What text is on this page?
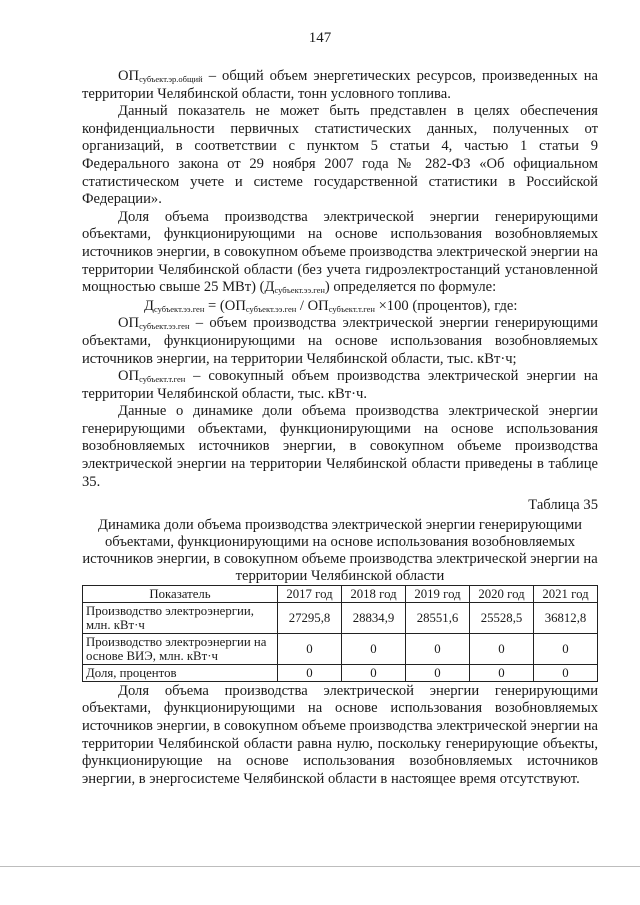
147

$ОП_{субъект.эр.общий}$ – общий объем энергетических ресурсов, произведенных на территории Челябинской области, тонн условного топлива.

Данный показатель не может быть представлен в целях обеспечения конфиденциальности первичных статистических данных, полученных от организаций, в соответствии с пунктом 5 статьи 4, частью 1 статьи 9 Федерального закона от 29 ноября 2007 года № 282-ФЗ «Об официальном статистическом учете и системе государственной статистики в Российской Федерации».

Доля объема производства электрической энергии генерирующими объектами, функционирующими на основе использования возобновляемых источников энергии, в совокупном объеме производства электрической энергии на территории Челябинской области (без учета гидроэлектростанций установленной мощностью свыше 25 МВт) $(Д_{субъект.ээ.ген})$ определяется по формуле:

$Д_{субъект.ээ.ген} = (ОП_{субъект.ээ.ген} / ОП_{субъект.т.ген} \times 100$ (процентов), где:

$ОП_{субъект.ээ.ген}$ – объем производства электрической энергии генерирующими объектами, функционирующими на основе использования возобновляемых источников энергии, на территории Челябинской области, тыс. кВт·ч;

$ОП_{субъект.т.ген}$ – совокупный объем производства электрической энергии на территории Челябинской области, тыс. кВт·ч.

Данные о динамике доли объема производства электрической энергии генерирующими объектами, функционирующими на основе использования возобновляемых источников энергии, в совокупном объеме производства электрической энергии на территории Челябинской области приведены в таблице 35.

Таблица 35
Динамика доли объема производства электрической энергии генерирующими объектами, функционирующими на основе использования возобновляемых источников энергии, в совокупном объеме производства электрической энергии на территории Челябинской области
Показатель	2017 год	2018 год	2019 год	2020 год	2021 год
Производство электроэнергии, млн. кВт·ч	27295,8	28834,9	28551,6	25528,5	36812,8
Производство электроэнергии на основе ВИЭ, млн. кВт·ч	0	0	0	0	0
Доля, процентов	0	0	0	0	0

Доля объема производства электрической энергии генерирующими объектами, функционирующими на основе использования возобновляемых источников энергии, в совокупном объеме производства электрической энергии на территории Челябинской области равна нулю, поскольку генерирующие объекты, функционирующие на основе использования возобновляемых источников энергии, в энергосистеме Челябинской области в настоящее время отсутствуют.
